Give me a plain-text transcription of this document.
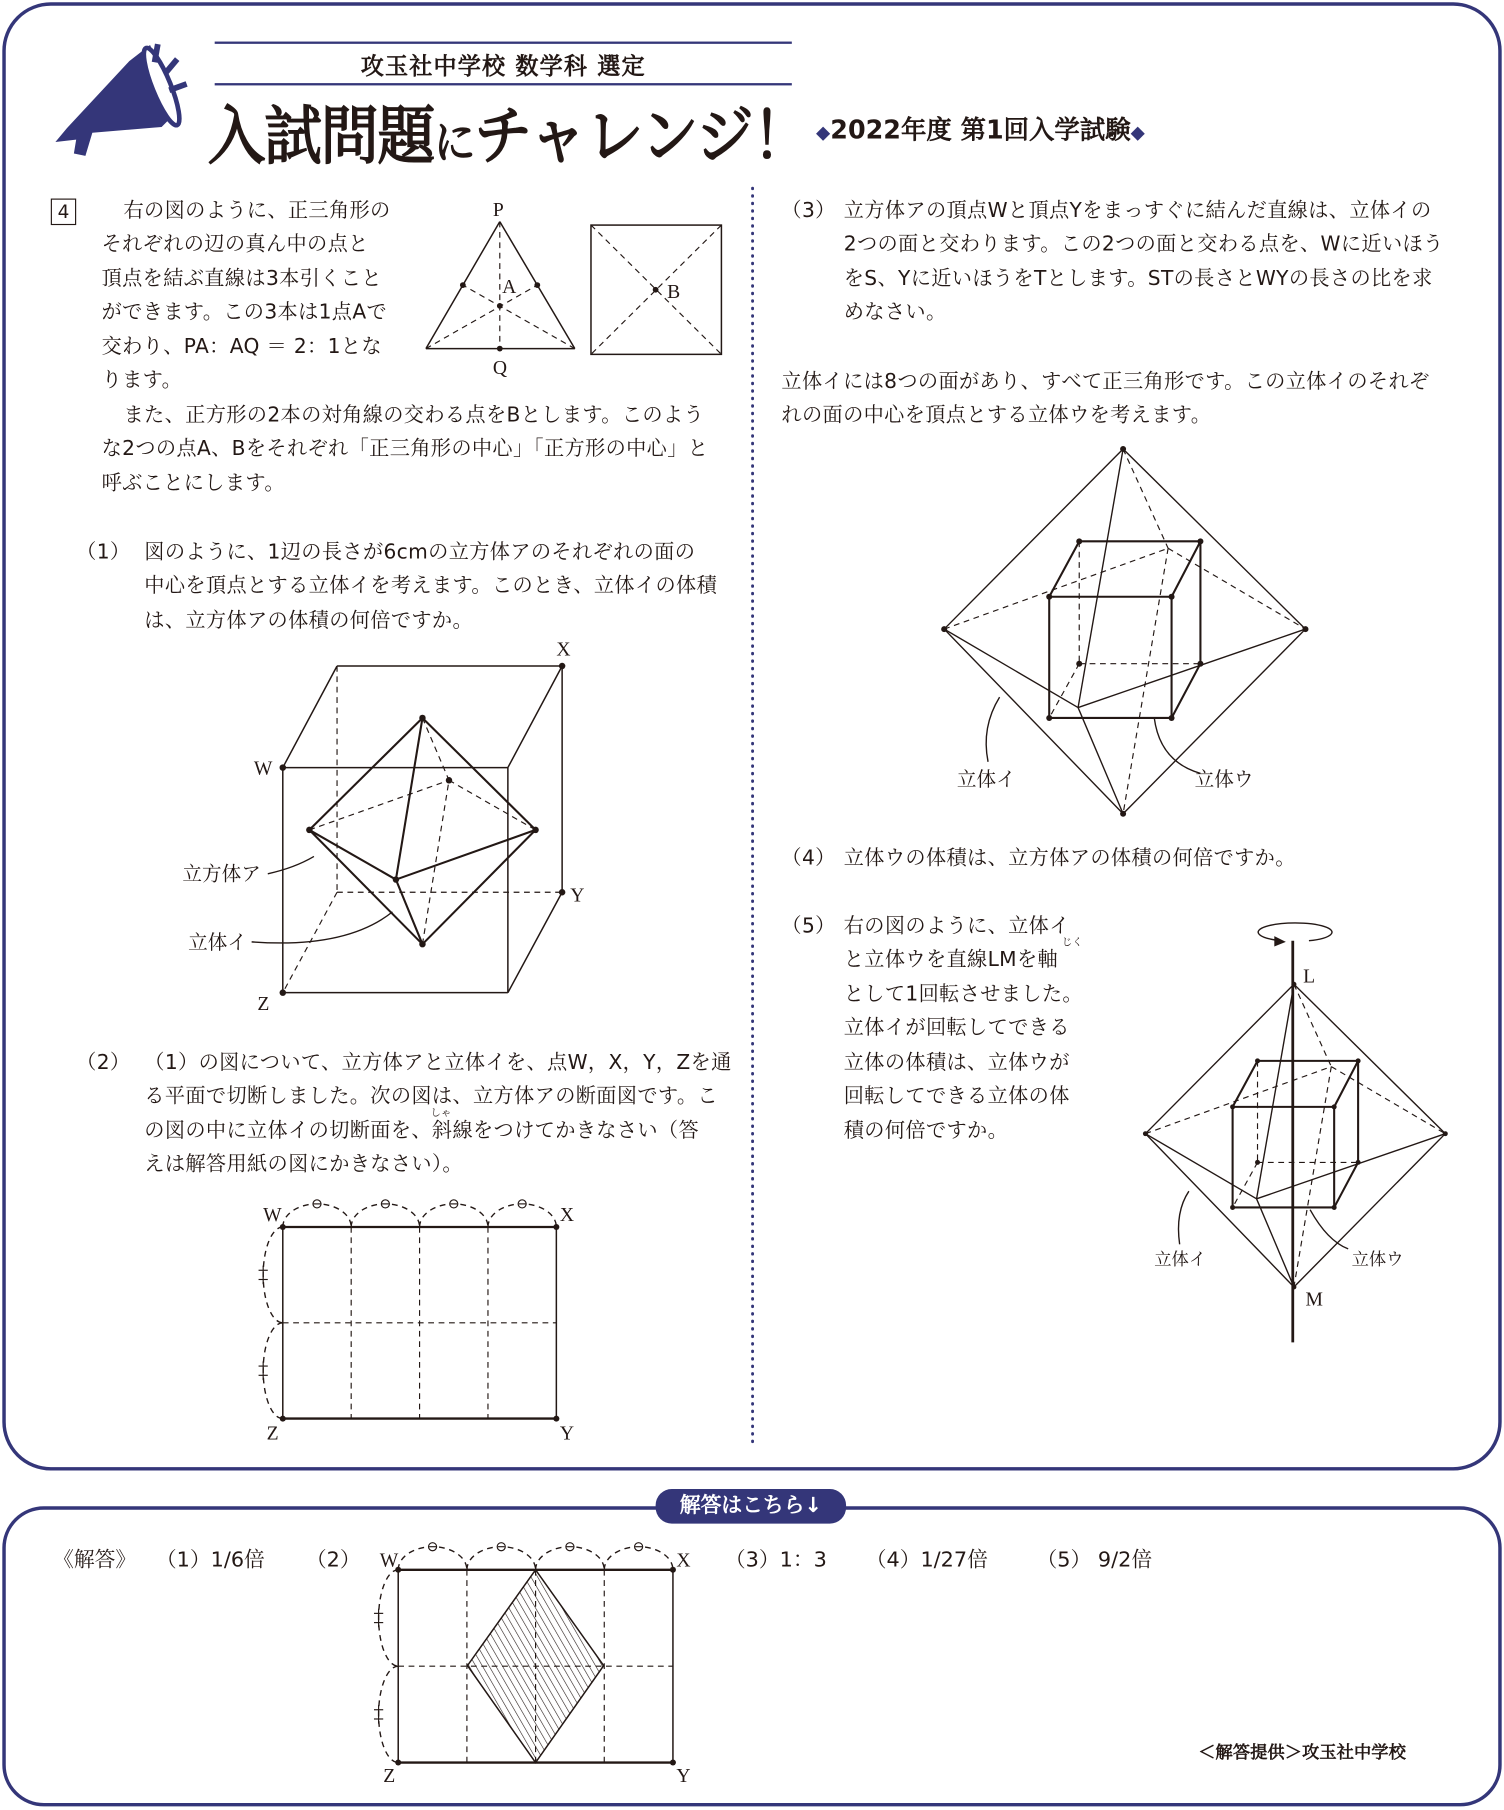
攻玉社中学校 数学科 選定
入試問題にチャレンジ！ ◆2022年度 第1回入学試験◆
4	右の図のように、正三角形の
それぞれの辺の真ん中の点と
頂点を結ぶ直線は3本引くこと
ができます。この3本は1点Aで
交わり、PA：AQ ＝ 2：1とな
ります。
また、正方形の2本の対角線の交わる点をBとします。このよう
な2つの点A、Bをそれぞれ「正三角形の中心」「正方形の中心」と
呼ぶことにします。
（1） 図のように、1辺の長さが6cmの立方体アのそれぞれの面の
中心を頂点とする立体イを考えます。このとき、立体イの体積
は、立方体アの体積の何倍ですか。
（2） （1）の図について、立方体アと立体イを、点W，X，Y，Zを通
る平面で切断しました。次の図は、立方体アの断面図です。こ
の図の中に立体イの切断面を、斜線をつけてかきなさい（答
えは解答用紙の図にかきなさい）。
しゃ
（3） 立方体アの頂点Wと頂点Yをまっすぐに結んだ直線は、立体イの
2つの面と交わります。この2つの面と交わる点を、Wに近いほう
をS、Yに近いほうをTとします。STの長さとWYの長さの比を求
めなさい。
立体イには8つの面があり、すべて正三角形です。この立体イのそれぞ
れの面の中心を頂点とする立体ウを考えます。
（4） 立体ウの体積は、立方体アの体積の何倍ですか。
（5） 右の図のように、立体イ
と立体ウを直線LMを軸
として1回転させました。
立体イが回転してできる
立体の体積は、立体ウが
回転してできる立体の体
積の何倍ですか。
じく
解答はこちら↓
《解答》 （1）1/6倍 （2）	（3）1：3 （4）1/27倍	（5） 9/2倍
＜解答提供＞攻玉社中学校
P
A
Q
B
W
X
Y
Z
立方体ア
立体イ
W	X
Z	Y
立体イ	立体ウ
L
M
立体イ	立体ウ
W	X
Z	Y
